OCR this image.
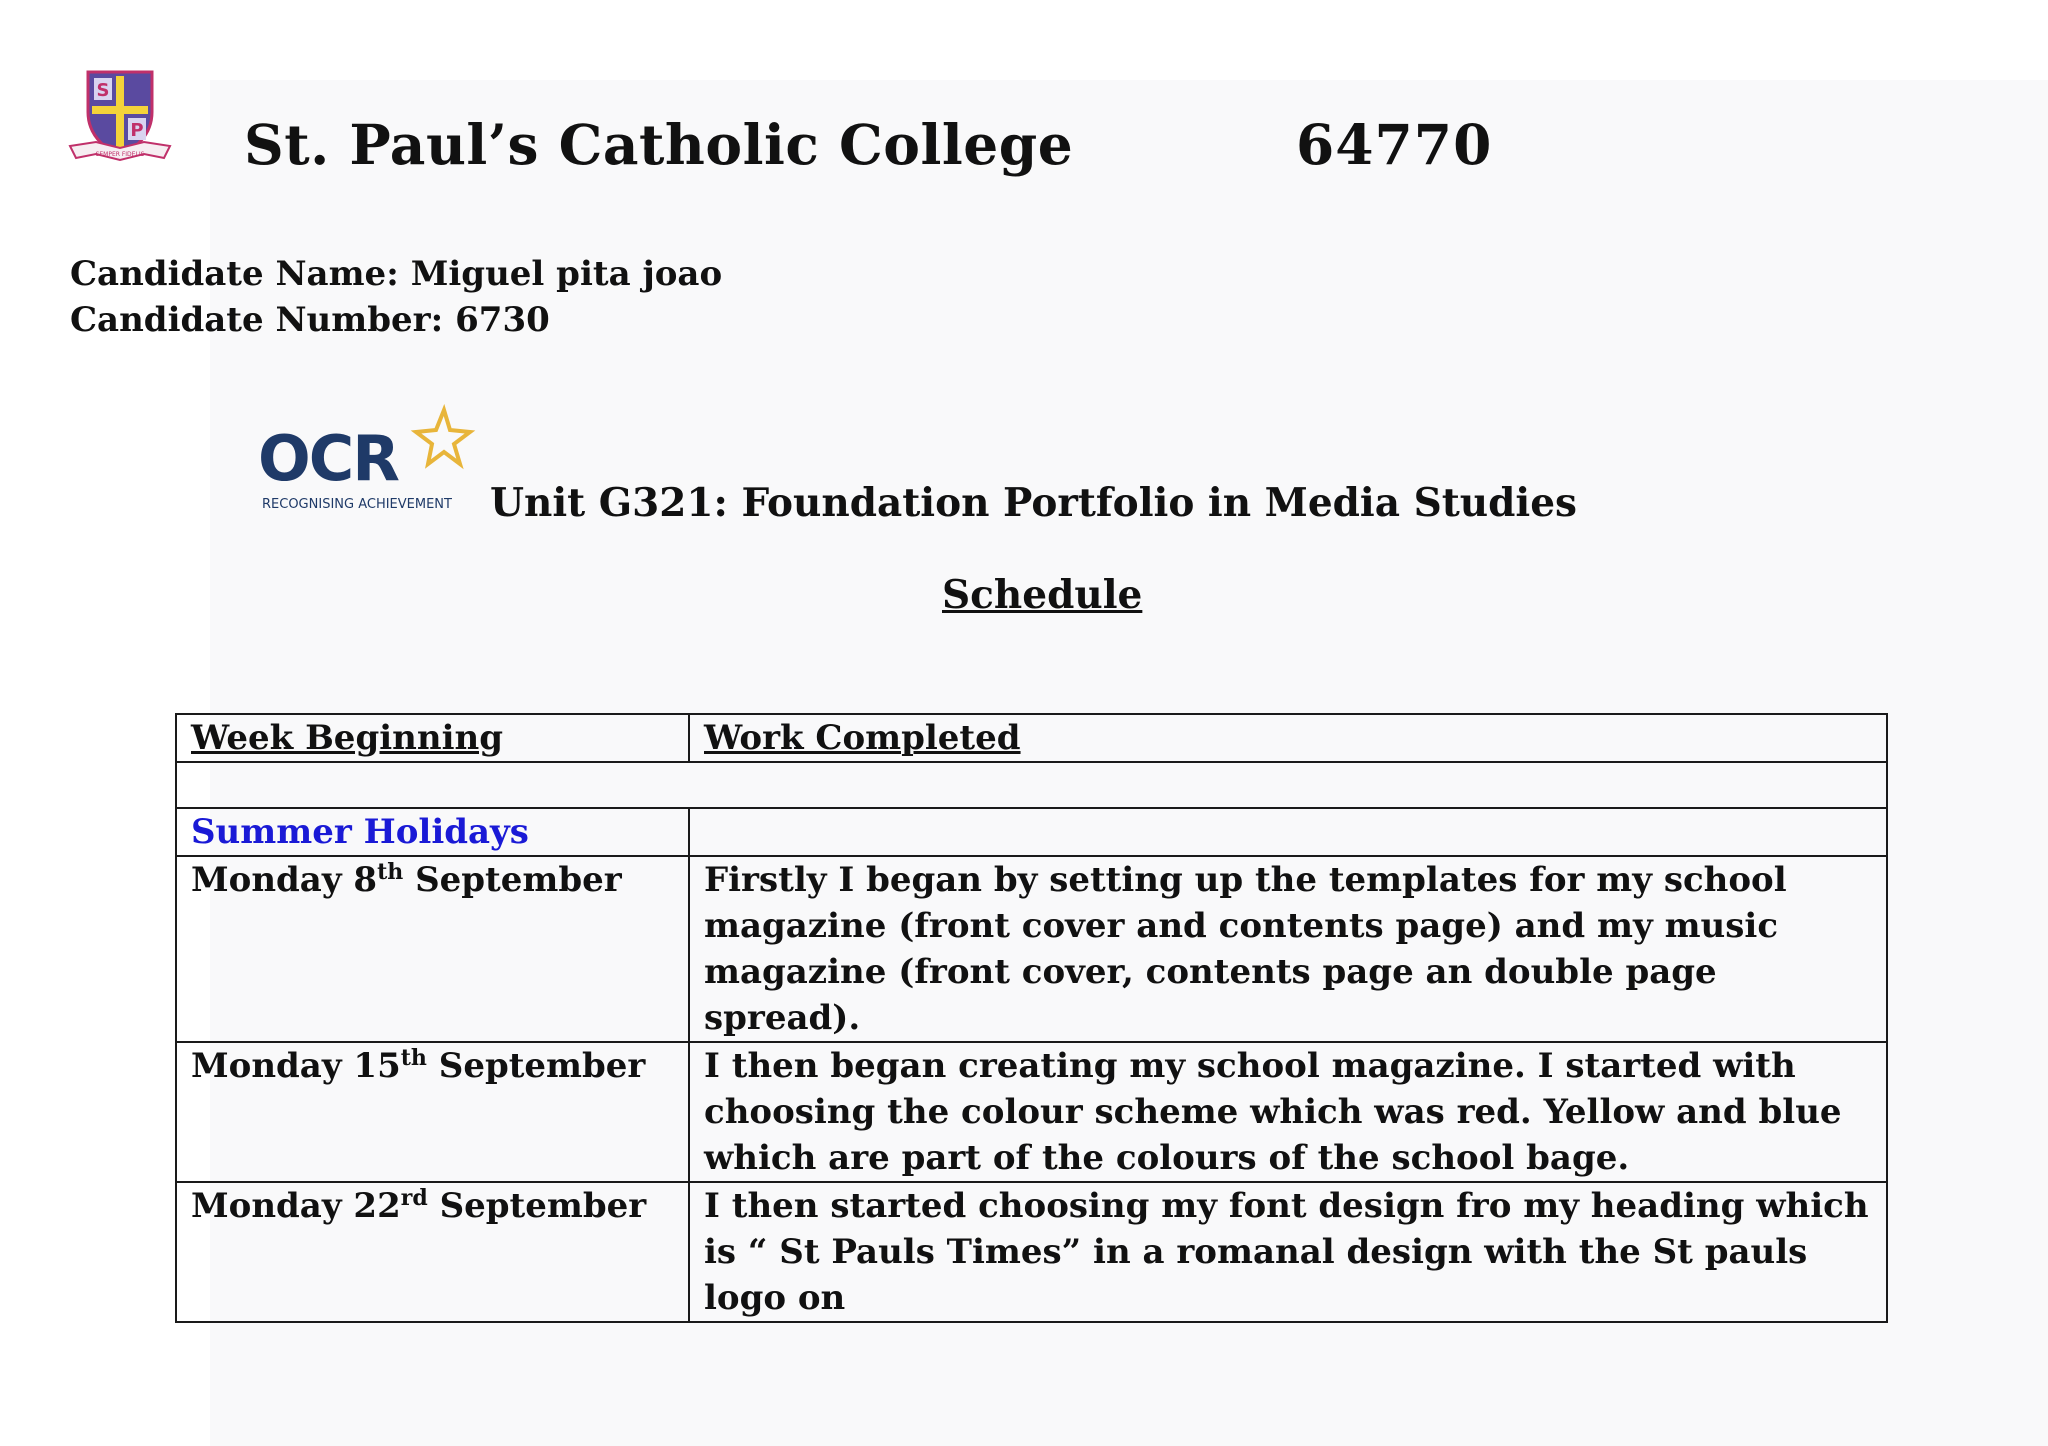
S
P
SEMPER FIDELIS St. Paul’s Catholic College	64770
Candidate Name: Miguel pita joao
Candidate Number: 6730
OCR
RECOGNISING ACHIEVEMENT Unit G321: Foundation Portfolio in Media Studies
Schedule
Week Beginning	Work Completed

Summer Holidays	
Monday 8th September	Firstly I began by setting up the templates for my school magazine (front cover and contents page) and my music magazine (front cover, contents page an double page spread).
Monday 15th September	I then began creating my school magazine. I started with choosing the colour scheme which was red. Yellow and blue which are part of the colours of the school bage.
Monday 22rd September	I then started choosing my font design fro my heading which is “ St Pauls Times” in a romanal design with the St pauls logo on
